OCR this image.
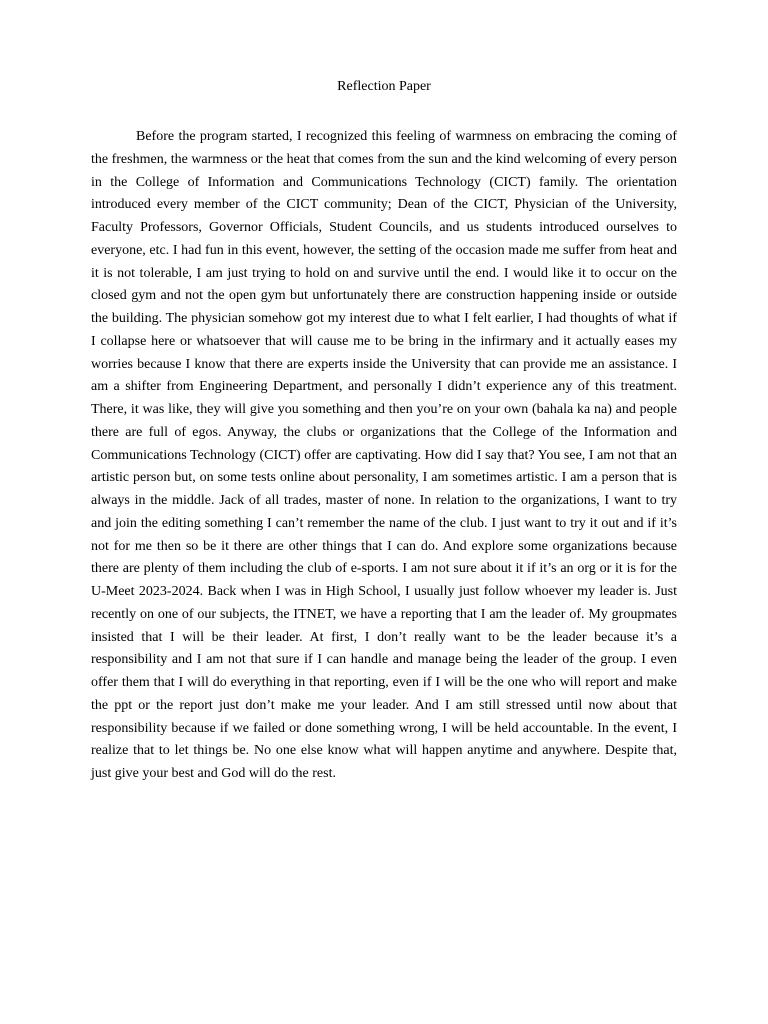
Reflection Paper

Before the program started, I recognized this feeling of warmness on embracing the coming of the freshmen, the warmness or the heat that comes from the sun and the kind welcoming of every person in the College of Information and Communications Technology (CICT) family. The orientation introduced every member of the CICT community; Dean of the CICT, Physician of the University, Faculty Professors, Governor Officials, Student Councils, and us students introduced ourselves to everyone, etc. I had fun in this event, however, the setting of the occasion made me suffer from heat and it is not tolerable, I am just trying to hold on and survive until the end. I would like it to occur on the closed gym and not the open gym but unfortunately there are construction happening inside or outside the building. The physician somehow got my interest due to what I felt earlier, I had thoughts of what if I collapse here or whatsoever that will cause me to be bring in the infirmary and it actually eases my worries because I know that there are experts inside the University that can provide me an assistance. I am a shifter from Engineering Department, and personally I didn’t experience any of this treatment. There, it was like, they will give you something and then you’re on your own (bahala ka na) and people there are full of egos. Anyway, the clubs or organizations that the College of the Information and Communications Technology (CICT) offer are captivating. How did I say that? You see, I am not that an artistic person but, on some tests online about personality, I am sometimes artistic. I am a person that is always in the middle. Jack of all trades, master of none. In relation to the organizations, I want to try and join the editing something I can’t remember the name of the club. I just want to try it out and if it’s not for me then so be it there are other things that I can do. And explore some organizations because there are plenty of them including the club of e-sports. I am not sure about it if it’s an org or it is for the U-Meet 2023-2024. Back when I was in High School, I usually just follow whoever my leader is. Just recently on one of our subjects, the ITNET, we have a reporting that I am the leader of. My groupmates insisted that I will be their leader. At first, I don’t really want to be the leader because it’s a responsibility and I am not that sure if I can handle and manage being the leader of the group. I even offer them that I will do everything in that reporting, even if I will be the one who will report and make the ppt or the report just don’t make me your leader. And I am still stressed until now about that responsibility because if we failed or done something wrong, I will be held accountable. In the event, I realize that to let things be. No one else know what will happen anytime and anywhere. Despite that, just give your best and God will do the rest.
